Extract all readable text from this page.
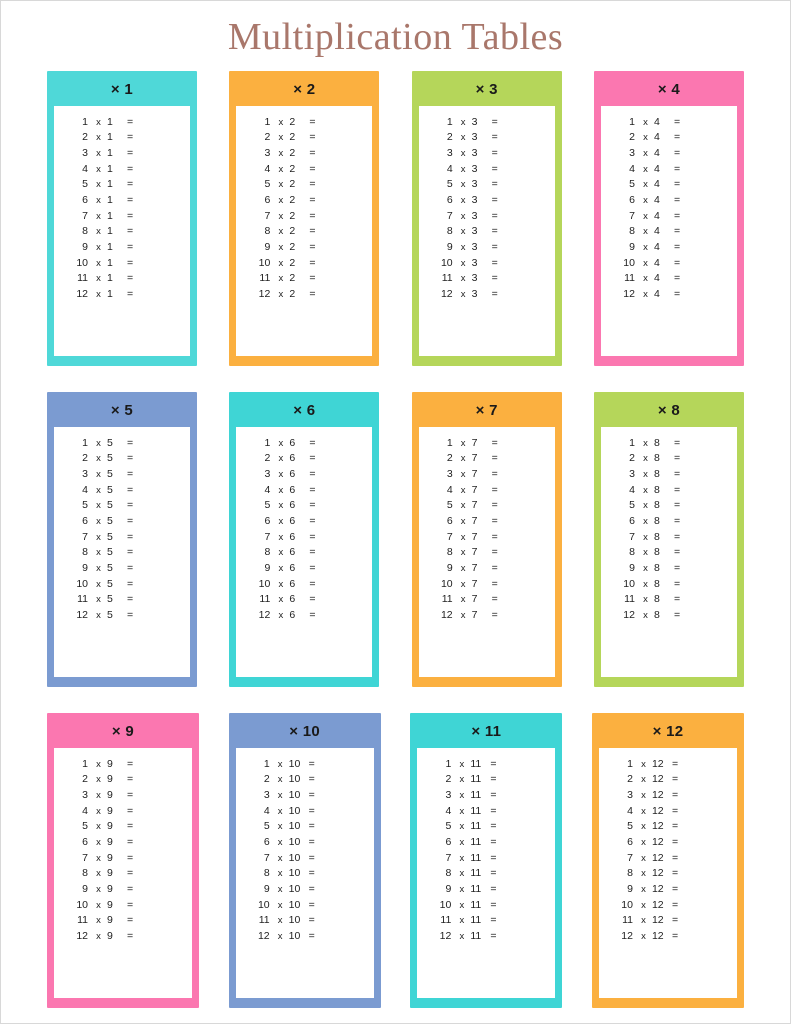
Multiplication Tables
× 1
1 x 1	=
2 x 1	=
3 x 1	=
4 x 1	=
5 x 1	=
6 x 1	=
7 x 1	=
8 x 1	=
9 x 1	=
10 x 1	=
11 x 1	=
12 x 1	=
× 2
1 x 2	=
2 x 2	=
3 x 2	=
4 x 2	=
5 x 2	=
6 x 2	=
7 x 2	=
8 x 2	=
9 x 2	=
10 x 2	=
11 x 2	=
12 x 2	=
× 3
1 x 3	=
2 x 3	=
3 x 3	=
4 x 3	=
5 x 3	=
6 x 3	=
7 x 3	=
8 x 3	=
9 x 3	=
10 x 3	=
11 x 3	=
12 x 3	=
× 4
1 x 4	=
2 x 4	=
3 x 4	=
4 x 4	=
5 x 4	=
6 x 4	=
7 x 4	=
8 x 4	=
9 x 4	=
10 x 4	=
11 x 4	=
12 x 4	=
× 5
1 x 5	=
2 x 5	=
3 x 5	=
4 x 5	=
5 x 5	=
6 x 5	=
7 x 5	=
8 x 5	=
9 x 5	=
10 x 5	=
11 x 5	=
12 x 5	=
× 6
1 x 6	=
2 x 6	=
3 x 6	=
4 x 6	=
5 x 6	=
6 x 6	=
7 x 6	=
8 x 6	=
9 x 6	=
10 x 6	=
11 x 6	=
12 x 6	=
× 7
1 x 7	=
2 x 7	=
3 x 7	=
4 x 7	=
5 x 7	=
6 x 7	=
7 x 7	=
8 x 7	=
9 x 7	=
10 x 7	=
11 x 7	=
12 x 7	=
× 8
1 x 8	=
2 x 8	=
3 x 8	=
4 x 8	=
5 x 8	=
6 x 8	=
7 x 8	=
8 x 8	=
9 x 8	=
10 x 8	=
11 x 8	=
12 x 8	=
× 9
1 x 9	=
2 x 9	=
3 x 9	=
4 x 9	=
5 x 9	=
6 x 9	=
7 x 9	=
8 x 9	=
9 x 9	=
10 x 9	=
11 x 9	=
12 x 9	=
× 10
1 x 10 =
2 x 10 =
3 x 10 =
4 x 10 =
5 x 10 =
6 x 10 =
7 x 10 =
8 x 10 =
9 x 10 =
10 x 10 =
11 x 10 =
12 x 10 =
× 11
1 x 11 =
2 x 11 =
3 x 11 =
4 x 11 =
5 x 11 =
6 x 11 =
7 x 11 =
8 x 11 =
9 x 11 =
10 x 11 =
11 x 11 =
12 x 11 =
× 12
1 x 12 =
2 x 12 =
3 x 12 =
4 x 12 =
5 x 12 =
6 x 12 =
7 x 12 =
8 x 12 =
9 x 12 =
10 x 12 =
11 x 12 =
12 x 12 =
